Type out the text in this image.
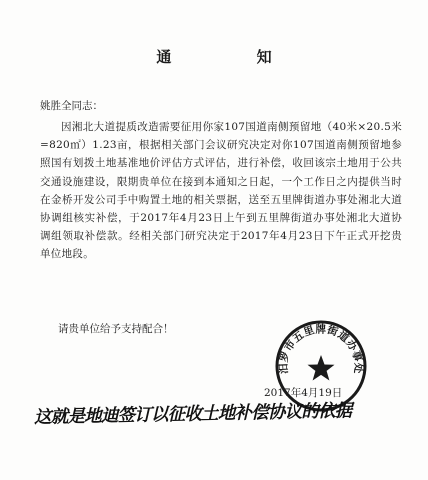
通 知
姚胜全同志：
因湘北大道提质改造需要征用你家107国道南侧预留地（40米×20.5米=820㎡）1.23亩，根据相关部门会议研究决定对你107国道南侧预留地参照国有划拨土地基准地价评估方式评估，进行补偿，收回该宗土地用于公共交通设施建设，限期贵单位在接到本通知之日起，一个工作日之内提供当时在金桥开发公司手中购置土地的相关票据，送至五里牌街道办事处湘北大道协调组核实补偿，于2017年4月23日上午到五里牌街道办事处湘北大道协调组领取补偿款。经相关部门研究决定于2017年4月23日下午正式开挖贵单位地段。
请贵单位给予支持配合！
汨罗市五里牌街道办事处
2017年4月19日
这就是地迪签订以征收土地补偿协议的依据
